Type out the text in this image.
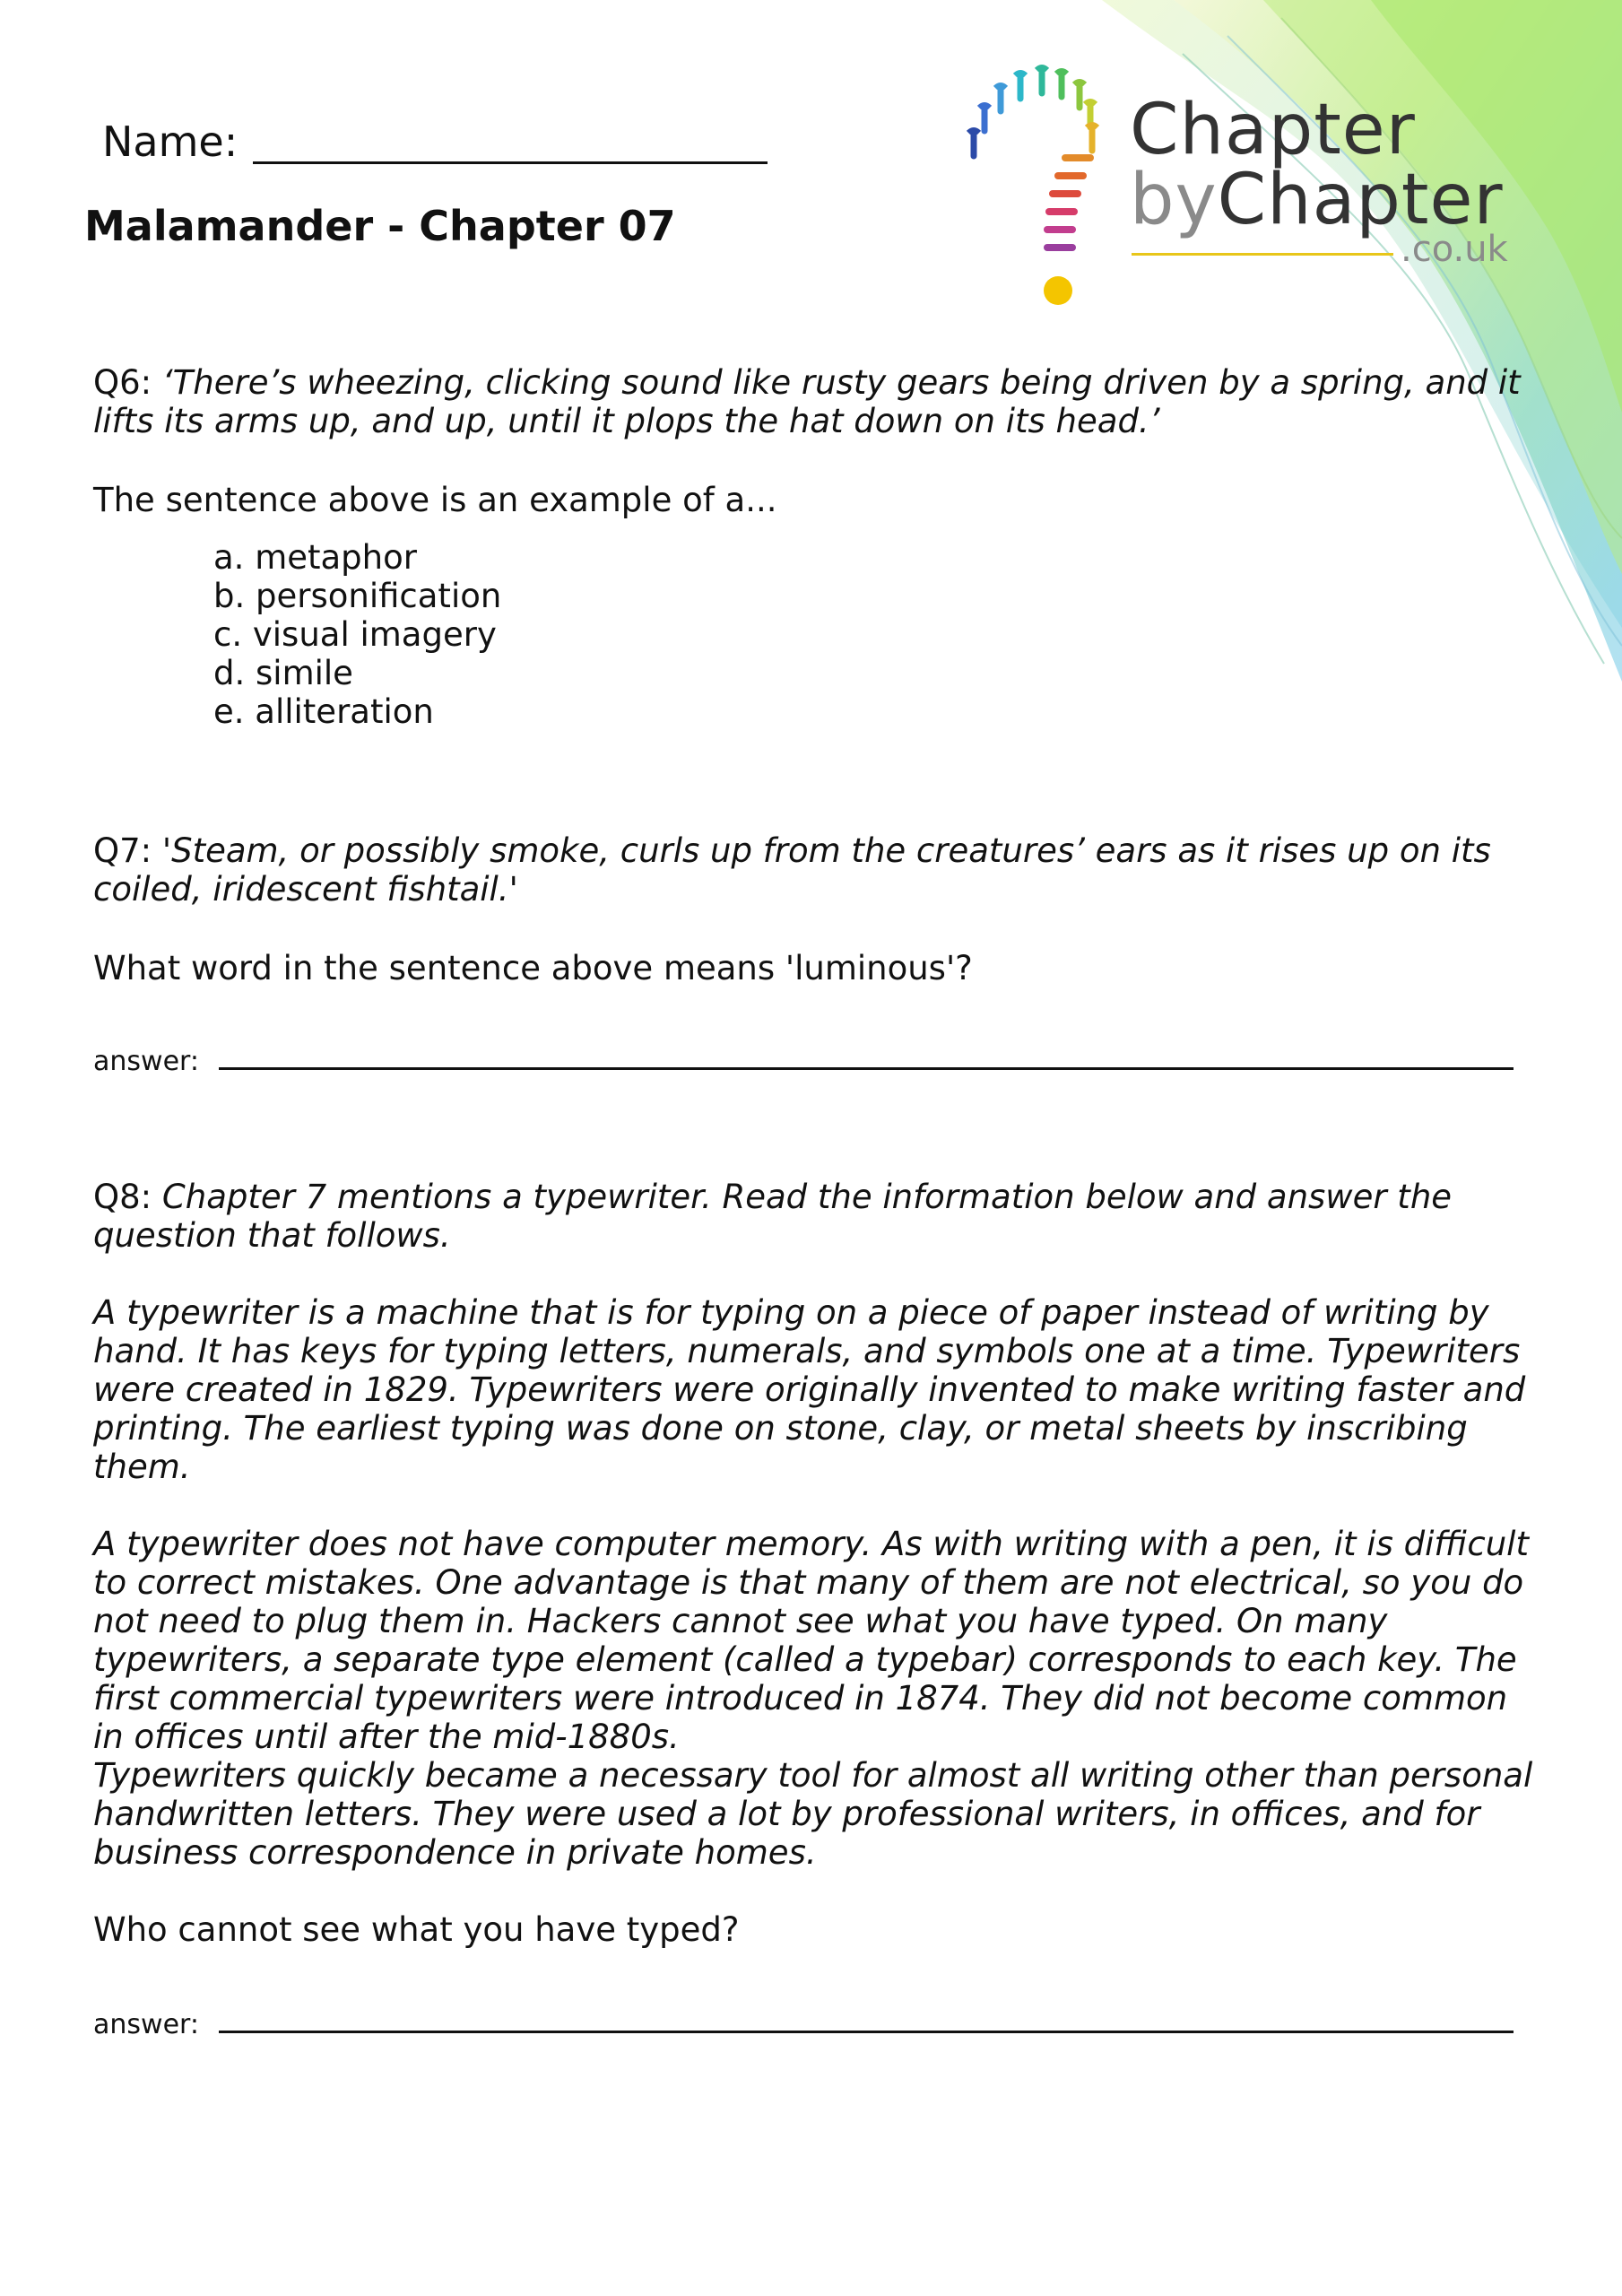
Name:
Malamander - Chapter 07
Chapter
byChapter
.co.uk
Q6: ‘There’s wheezing, clicking sound like rusty gears being driven by a spring, and it lifts its arms up, and up, until it plops the hat down on its head.’
The sentence above is an example of a...
a. metaphor
b. personification
c. visual imagery
d. simile
e. alliteration
Q7: 'Steam, or possibly smoke, curls up from the creatures’ ears as it rises up on its coiled, iridescent fishtail.'
What word in the sentence above means 'luminous'?
answer:
Q8: Chapter 7 mentions a typewriter. Read the information below and answer the question that follows.
A typewriter is a machine that is for typing on a piece of paper instead of writing by hand. It has keys for typing letters, numerals, and symbols one at a time. Typewriters were created in 1829. Typewriters were originally invented to make writing faster and printing. The earliest typing was done on stone, clay, or metal sheets by inscribing them.
A typewriter does not have computer memory. As with writing with a pen, it is difficult to correct mistakes. One advantage is that many of them are not electrical, so you do not need to plug them in. Hackers cannot see what you have typed. On many typewriters, a separate type element (called a typebar) corresponds to each key. The first commercial typewriters were introduced in 1874. They did not become common in offices until after the mid-1880s.
Typewriters quickly became a necessary tool for almost all writing other than personal handwritten letters. They were used a lot by professional writers, in offices, and for business correspondence in private homes.
Who cannot see what you have typed?
answer:
